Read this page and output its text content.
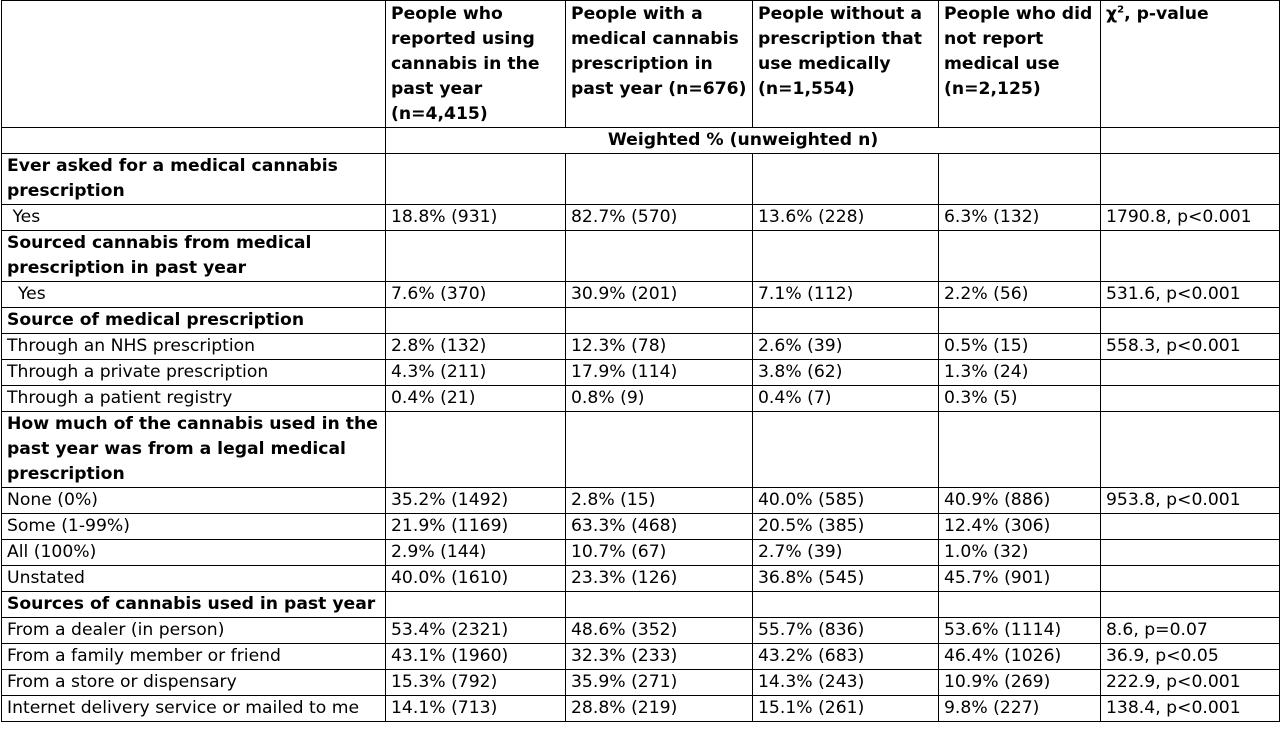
	People who reported using cannabis in the past year (n=4,415)	People with a medical cannabis prescription in past year (n=676)	People without a prescription that use medically (n=1,554)	People who did not report medical use (n=2,125)	$\chi^2$, p-value
	Weighted % (unweighted n)				
Ever asked for a medical cannabis prescription					
Yes	18.8% (931)	82.7% (570)	13.6% (228)	6.3% (132)	1790.8, p<0.001
Sourced cannabis from medical prescription in past year					
Yes	7.6% (370)	30.9% (201)	7.1% (112)	2.2% (56)	531.6, p<0.001
Source of medical prescription					
Through an NHS prescription	2.8% (132)	12.3% (78)	2.6% (39)	0.5% (15)	558.3, p<0.001
Through a private prescription	4.3% (211)	17.9% (114)	3.8% (62)	1.3% (24)	
Through a patient registry	0.4% (21)	0.8% (9)	0.4% (7)	0.3% (5)	
How much of the cannabis used in the past year was from a legal medical prescription					
None (0%)	35.2% (1492)	2.8% (15)	40.0% (585)	40.9% (886)	953.8, p<0.001
Some (1-99%)	21.9% (1169)	63.3% (468)	20.5% (385)	12.4% (306)	
All (100%)	2.9% (144)	10.7% (67)	2.7% (39)	1.0% (32)	
Unstated	40.0% (1610)	23.3% (126)	36.8% (545)	45.7% (901)	
Sources of cannabis used in past year					
From a dealer (in person)	53.4% (2321)	48.6% (352)	55.7% (836)	53.6% (1114)	8.6, p=0.07
From a family member or friend	43.1% (1960)	32.3% (233)	43.2% (683)	46.4% (1026)	36.9, p<0.05
From a store or dispensary	15.3% (792)	35.9% (271)	14.3% (243)	10.9% (269)	222.9, p<0.001
Internet delivery service or mailed to me	14.1% (713)	28.8% (219)	15.1% (261)	9.8% (227)	138.4, p<0.001
